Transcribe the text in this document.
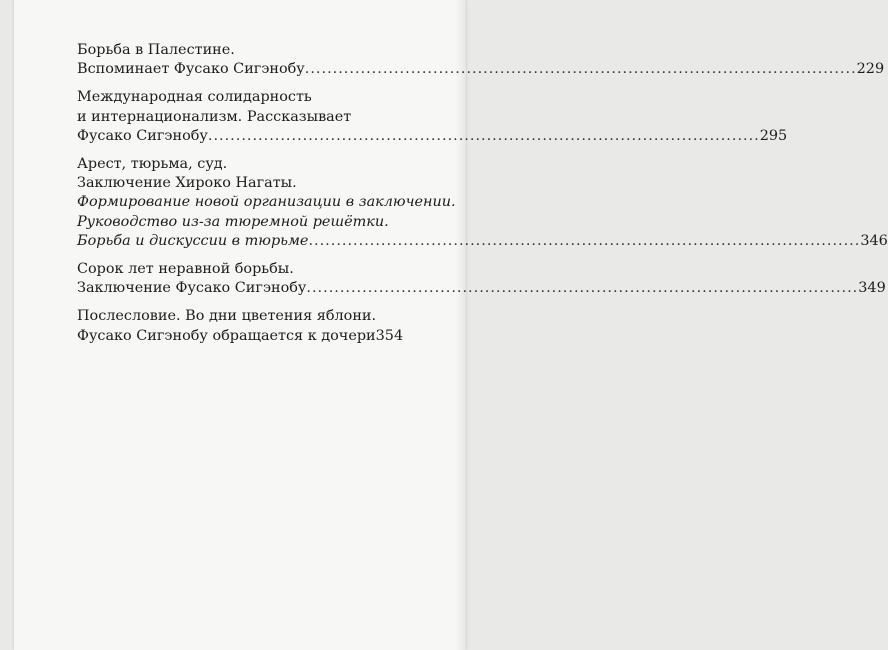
Борьба в Палестине.
Вспоминает Фусако Сигэнобу .....	229
Международная солидарность
и интернационализм. Рассказывает
Фусако Сигэнобу .....	295
Арест, тюрьма, суд.
Заключение Хироко Нагаты.
Формирование новой организации в заключении.
Руководство из-за тюремной решётки.
Борьба и дискуссии в тюрьме .....	346
Сорок лет неравной борьбы.
Заключение Фусако Сигэнобу .....	349
Послесловие. Во дни цветения яблони.
Фусако Сигэнобу обращается к дочери 354
